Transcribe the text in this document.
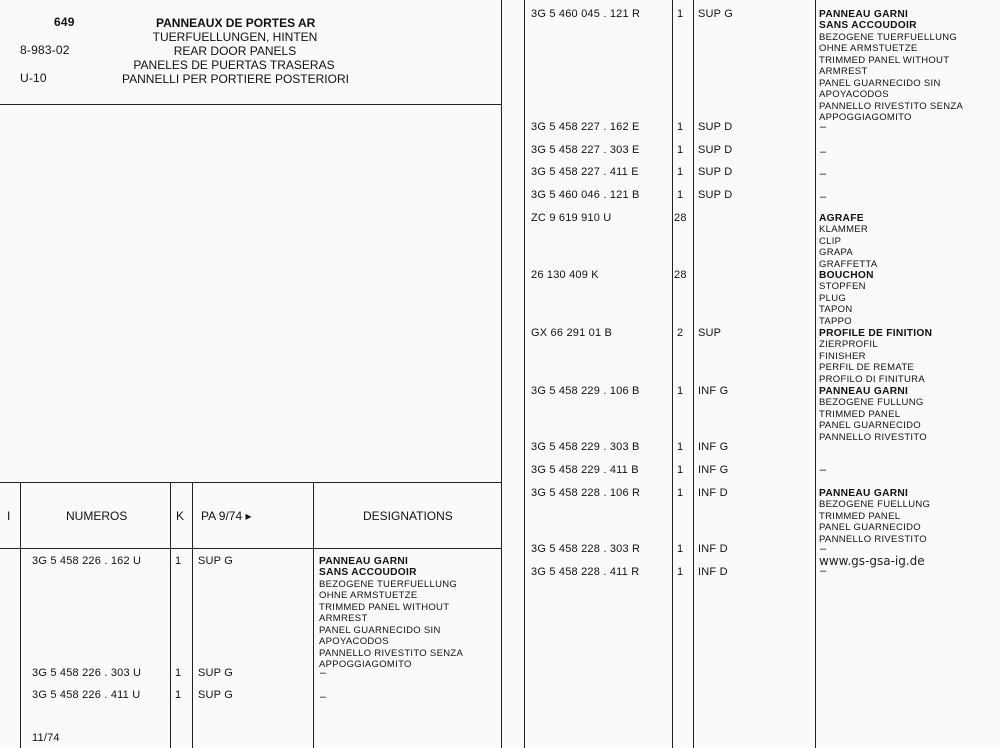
649
8-983-02
U-10
PANNEAUX DE PORTES AR
TUERFUELLUNGEN, HINTEN
REAR DOOR PANELS
PANELES DE PUERTAS TRASERAS
PANNELLI PER PORTIERE POSTERIORI
I	NUMEROS	K PA 9/74 ▸	DESIGNATIONS
3G 5 458 226 . 162 U	1 SUP G	PANNEAU GARNI
SANS ACCOUDOIR
BEZOGENE TUERFUELLUNG
OHNE ARMSTUETZE
TRIMMED PANEL WITHOUT
ARMREST
PANEL GUARNECIDO SIN
APOYACODOS
PANNELLO RIVESTITO SENZA
APPOGGIAGOMITO
3G 5 458 226 . 303 U	1 SUP G	–
3G 5 458 226 . 411 U	1 SUP G	–
11/74
3G 5 460 045 . 121 R	1 SUP G	PANNEAU GARNI
SANS ACCOUDOIR
BEZOGENE TUERFUELLUNG
OHNE ARMSTUETZE
TRIMMED PANEL WITHOUT
ARMREST
PANEL GUARNECIDO SIN
APOYACODOS
PANNELLO RIVESTITO SENZA
APPOGGIAGOMITO
3G 5 458 227 . 162 E	1 SUP D	–
3G 5 458 227 . 303 E	1 SUP D	–
3G 5 458 227 . 411 E	1 SUP D	–
3G 5 460 046 . 121 B	1 SUP D	–
ZC 9 619 910 U	28	AGRAFE
KLAMMER
CLIP
GRAPA
GRAFFETTA
26 130 409 K	28	BOUCHON
STOPFEN
PLUG
TAPON
TAPPO
GX 66 291 01 B	2 SUP	PROFILE DE FINITION
ZIERPROFIL
FINISHER
PERFIL DE REMATE
PROFILO DI FINITURA
3G 5 458 229 . 106 B	1 INF G	PANNEAU GARNI
BEZOGENE FULLUNG
TRIMMED PANEL
PANEL GUARNECIDO
PANNELLO RIVESTITO
3G 5 458 229 . 303 B	1 INF G
3G 5 458 229 . 411 B	1 INF G	–
3G 5 458 228 . 106 R	1 INF D	PANNEAU GARNI
BEZOGENE FUELLUNG
TRIMMED PANEL
PANEL GUARNECIDO
PANNELLO RIVESTITO
3G 5 458 228 . 303 R	1 INF D	–
www.gs-gsa-ig.de
3G 5 458 228 . 411 R	1 INF D	–
